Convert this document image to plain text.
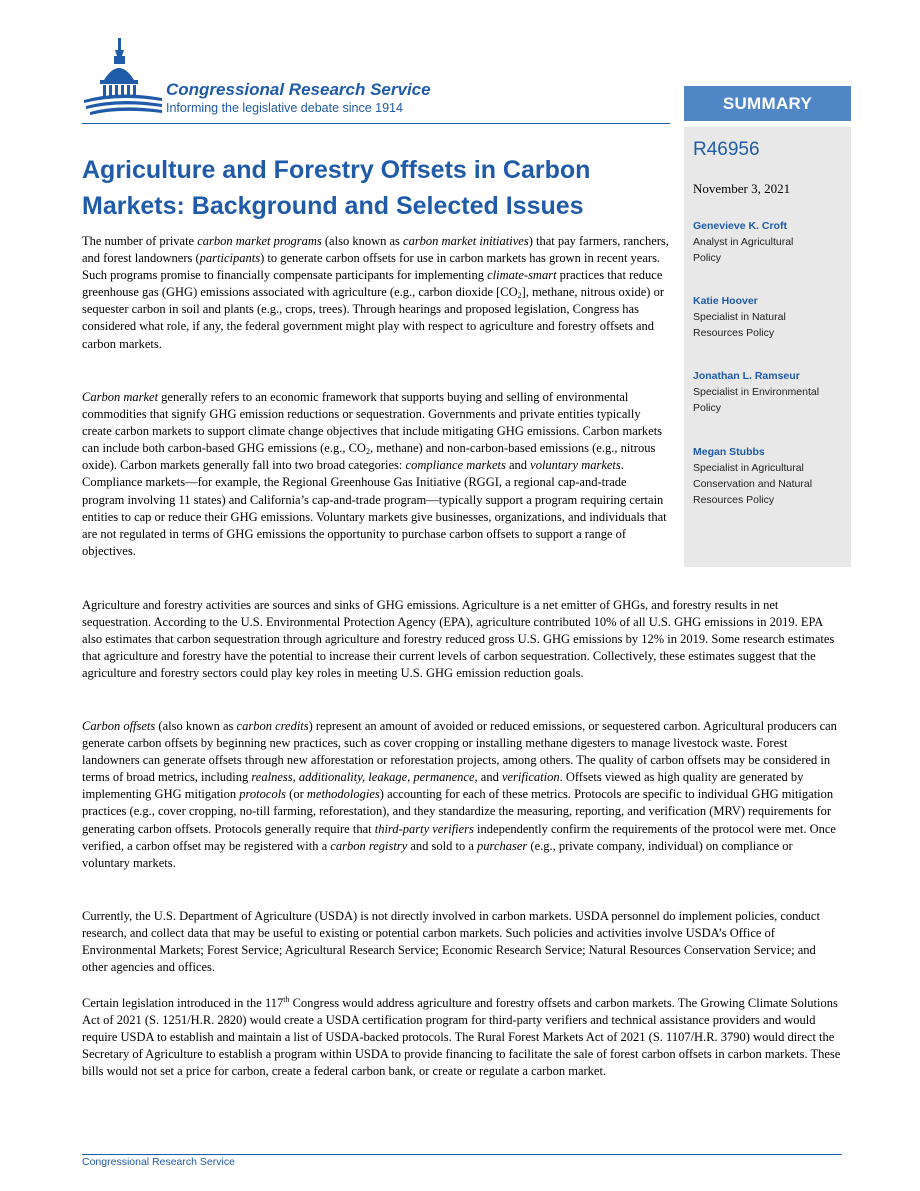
Congressional Research Service
Informing the legislative debate since 1914
Agriculture and Forestry Offsets in Carbon
Markets: Background and Selected Issues
SUMMARY
R46956
November 3, 2021
Genevieve K. Croft
Analyst in Agricultural
Policy
Katie Hoover
Specialist in Natural
Resources Policy
Jonathan L. Ramseur
Specialist in Environmental
Policy
Megan Stubbs
Specialist in Agricultural
Conservation and Natural
Resources Policy

The number of private carbon market programs (also known as carbon market initiatives) that pay farmers, ranchers, and forest landowners (participants) to generate carbon offsets for use in carbon markets has grown in recent years. Such programs promise to financially compensate participants for implementing climate-smart practices that reduce greenhouse gas (GHG) emissions associated with agriculture (e.g., carbon dioxide $[CO_2]$, methane, nitrous oxide) or sequester carbon in soil and plants (e.g., crops, trees). Through hearings and proposed legislation, Congress has considered what role, if any, the federal government might play with respect to agriculture and forestry offsets and carbon markets.

Carbon market generally refers to an economic framework that supports buying and selling of environmental commodities that signify GHG emission reductions or sequestration. Governments and private entities typically create carbon markets to support climate change objectives that include mitigating GHG emissions. Carbon markets can include both carbon-based GHG emissions (e.g., $CO_2$, methane) and non-carbon-based emissions (e.g., nitrous oxide). Carbon markets generally fall into two broad categories: compliance markets and voluntary markets. Compliance markets—for example, the Regional Greenhouse Gas Initiative (RGGI, a regional cap-and-trade program involving 11 states) and California’s cap-and-trade program—typically support a program requiring certain entities to cap or reduce their GHG emissions. Voluntary markets give businesses, organizations, and individuals that are not regulated in terms of GHG emissions the opportunity to purchase carbon offsets to support a range of objectives.

Agriculture and forestry activities are sources and sinks of GHG emissions. Agriculture is a net emitter of GHGs, and forestry results in net sequestration. According to the U.S. Environmental Protection Agency (EPA), agriculture contributed 10% of all U.S. GHG emissions in 2019. EPA also estimates that carbon sequestration through agriculture and forestry reduced gross U.S. GHG emissions by 12% in 2019. Some research estimates that agriculture and forestry have the potential to increase their current levels of carbon sequestration. Collectively, these estimates suggest that the agriculture and forestry sectors could play key roles in meeting U.S. GHG emission reduction goals.

Carbon offsets (also known as carbon credits) represent an amount of avoided or reduced emissions, or sequestered carbon. Agricultural producers can generate carbon offsets by beginning new practices, such as cover cropping or installing methane digesters to manage livestock waste. Forest landowners can generate offsets through new afforestation or reforestation projects, among others. The quality of carbon offsets may be considered in terms of broad metrics, including realness, additionality, leakage, permanence, and verification. Offsets viewed as high quality are generated by implementing GHG mitigation protocols (or methodologies) accounting for each of these metrics. Protocols are specific to individual GHG mitigation practices (e.g., cover cropping, no-till farming, reforestation), and they standardize the measuring, reporting, and verification (MRV) requirements for generating carbon offsets. Protocols generally require that third-party verifiers independently confirm the requirements of the protocol were met. Once verified, a carbon offset may be registered with a carbon registry and sold to a purchaser (e.g., private company, individual) on compliance or voluntary markets.

Currently, the U.S. Department of Agriculture (USDA) is not directly involved in carbon markets. USDA personnel do implement policies, conduct research, and collect data that may be useful to existing or potential carbon markets. Such policies and activities involve USDA’s Office of Environmental Markets; Forest Service; Agricultural Research Service; Economic Research Service; Natural Resources Conservation Service; and other agencies and offices.

Certain legislation introduced in the 117th Congress would address agriculture and forestry offsets and carbon markets. The Growing Climate Solutions Act of 2021 (S. 1251/H.R. 2820) would create a USDA certification program for third-party verifiers and technical assistance providers and would require USDA to establish and maintain a list of USDA-backed protocols. The Rural Forest Markets Act of 2021 (S. 1107/H.R. 3790) would direct the Secretary of Agriculture to establish a program within USDA to provide financing to facilitate the sale of forest carbon offsets in carbon markets. These bills would not set a price for carbon, create a federal carbon bank, or create or regulate a carbon market.

Congressional Research Service
